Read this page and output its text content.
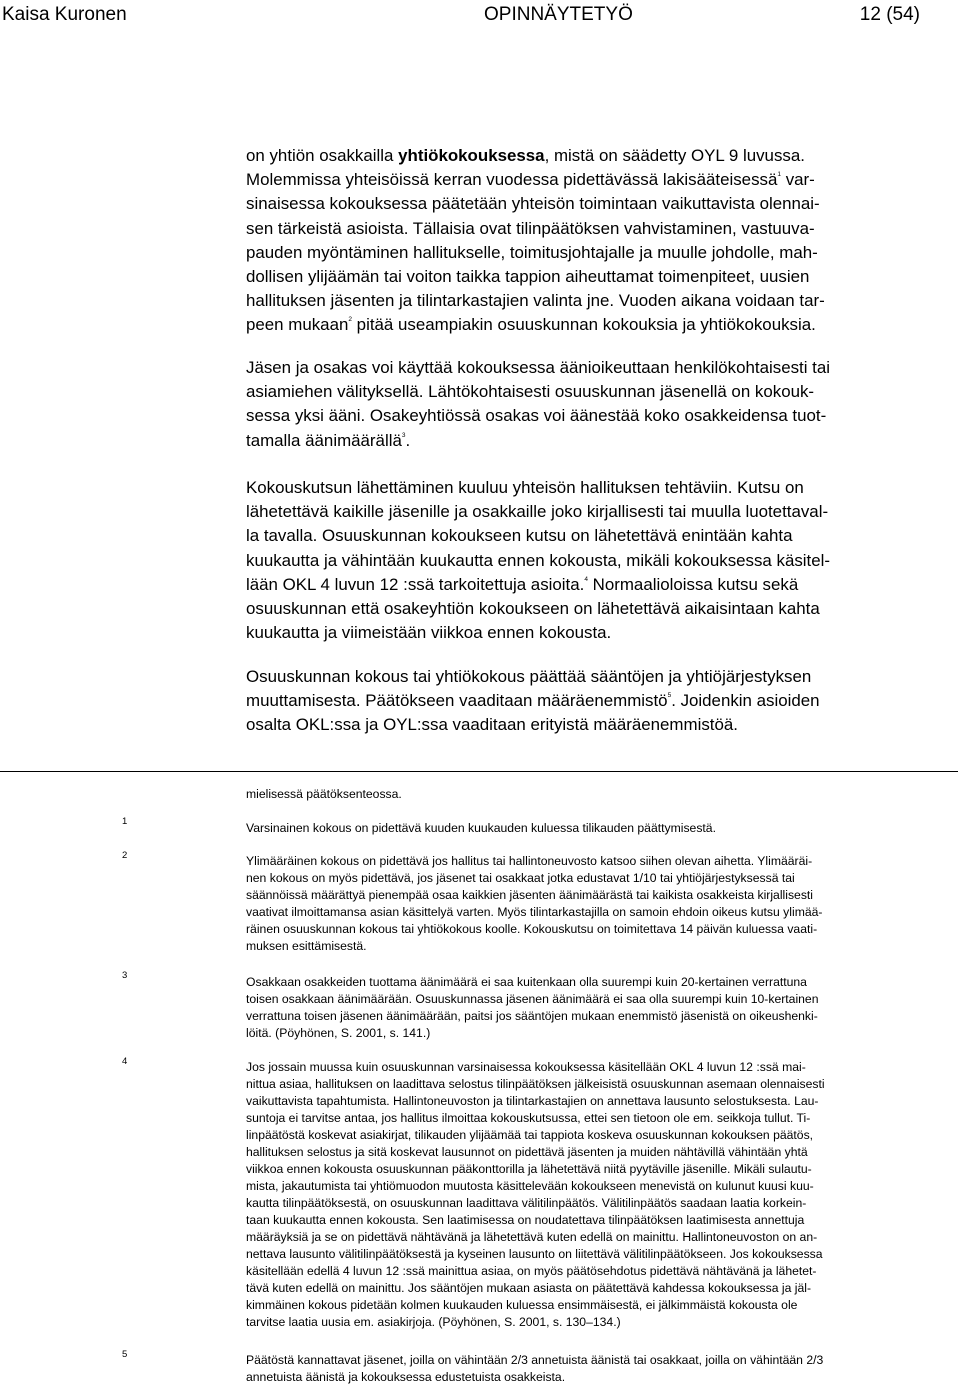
Kaisa Kuronen	OPINNÄYTETYÖ	12 (54)
on yhtiön osakkailla yhtiökokouksessa, mistä on säädetty OYL 9 luvussa.
Molemmissa yhteisöissä kerran vuodessa pidettävässä lakisääteisessä$^1$ var-
sinaisessa kokouksessa päätetään yhteisön toimintaan vaikuttavista olennai-
sen tärkeistä asioista. Tällaisia ovat tilinpäätöksen vahvistaminen, vastuuva-
pauden myöntäminen hallitukselle, toimitusjohtajalle ja muulle johdolle, mah-
dollisen ylijäämän tai voiton taikka tappion aiheuttamat toimenpiteet, uusien
hallituksen jäsenten ja tilintarkastajien valinta jne. Vuoden aikana voidaan tar-
peen mukaan$^2$ pitää useampiakin osuuskunnan kokouksia ja yhtiökokouksia.
Jäsen ja osakas voi käyttää kokouksessa äänioikeuttaan henkilökohtaisesti tai
asiamiehen välityksellä. Lähtökohtaisesti osuuskunnan jäsenellä on kokouk-
sessa yksi ääni. Osakeyhtiössä osakas voi äänestää koko osakkeidensa tuot-
tamalla äänimäärällä$^3$.
Kokouskutsun lähettäminen kuuluu yhteisön hallituksen tehtäviin. Kutsu on
lähetettävä kaikille jäsenille ja osakkaille joko kirjallisesti tai muulla luotettaval-
la tavalla. Osuuskunnan kokoukseen kutsu on lähetettävä enintään kahta
kuukautta ja vähintään kuukautta ennen kokousta, mikäli kokouksessa käsitel-
lään OKL 4 luvun 12 :ssä tarkoitettuja asioita.$^4$ Normaalioloissa kutsu sekä
osuuskunnan että osakeyhtiön kokoukseen on lähetettävä aikaisintaan kahta
kuukautta ja viimeistään viikkoa ennen kokousta.
Osuuskunnan kokous tai yhtiökokous päättää sääntöjen ja yhtiöjärjestyksen
muuttamisesta. Päätökseen vaaditaan määräenemmistö$^5$. Joidenkin asioiden
osalta OKL:ssa ja OYL:ssa vaaditaan erityistä määräenemmistöä.
mielisessä päätöksenteossa.
1	Varsinainen kokous on pidettävä kuuden kuukauden kuluessa tilikauden päättymisestä.
2	Ylimääräinen kokous on pidettävä jos hallitus tai hallintoneuvosto katsoo siihen olevan aihetta. Ylimääräi-
nen kokous on myös pidettävä, jos jäsenet tai osakkaat jotka edustavat 1/10 tai yhtiöjärjestyksessä tai
säännöissä määrättyä pienempää osaa kaikkien jäsenten äänimäärästä tai kaikista osakkeista kirjallisesti
vaativat ilmoittamansa asian käsittelyä varten. Myös tilintarkastajilla on samoin ehdoin oikeus kutsu ylimää-
räinen osuuskunnan kokous tai yhtiökokous koolle. Kokouskutsu on toimitettava 14 päivän kuluessa vaati-
muksen esittämisestä.
3	Osakkaan osakkeiden tuottama äänimäärä ei saa kuitenkaan olla suurempi kuin 20-kertainen verrattuna
toisen osakkaan äänimäärään. Osuuskunnassa jäsenen äänimäärä ei saa olla suurempi kuin 10-kertainen
verrattuna toisen jäsenen äänimäärään, paitsi jos sääntöjen mukaan enemmistö jäsenistä on oikeushenki-
löitä. (Pöyhönen, S. 2001, s. 141.)
4	Jos jossain muussa kuin osuuskunnan varsinaisessa kokouksessa käsitellään OKL 4 luvun 12 :ssä mai-
nittua asiaa, hallituksen on laadittava selostus tilinpäätöksen jälkeisistä osuuskunnan asemaan olennaisesti
vaikuttavista tapahtumista. Hallintoneuvoston ja tilintarkastajien on annettava lausunto selostuksesta. Lau-
suntoja ei tarvitse antaa, jos hallitus ilmoittaa kokouskutsussa, ettei sen tietoon ole em. seikkoja tullut. Ti-
linpäätöstä koskevat asiakirjat, tilikauden ylijäämää tai tappiota koskeva osuuskunnan kokouksen päätös,
hallituksen selostus ja sitä koskevat lausunnot on pidettävä jäsenten ja muiden nähtävillä vähintään yhtä
viikkoa ennen kokousta osuuskunnan pääkonttorilla ja lähetettävä niitä pyytäville jäsenille. Mikäli sulautu-
mista, jakautumista tai yhtiömuodon muutosta käsittelevään kokoukseen menevistä on kulunut kuusi kuu-
kautta tilinpäätöksestä, on osuuskunnan laadittava välitilinpäätös. Välitilinpäätös saadaan laatia korkein-
taan kuukautta ennen kokousta. Sen laatimisessa on noudatettava tilinpäätöksen laatimisesta annettuja
määräyksiä ja se on pidettävä nähtävänä ja lähetettävä kuten edellä on mainittu. Hallintoneuvoston on an-
nettava lausunto välitilinpäätöksestä ja kyseinen lausunto on liitettävä välitilinpäätökseen. Jos kokouksessa
käsitellään edellä 4 luvun 12 :ssä mainittua asiaa, on myös päätösehdotus pidettävä nähtävänä ja lähetet-
tävä kuten edellä on mainittu. Jos sääntöjen mukaan asiasta on päätettävä kahdessa kokouksessa ja jäl-
kimmäinen kokous pidetään kolmen kuukauden kuluessa ensimmäisestä, ei jälkimmäistä kokousta ole
tarvitse laatia uusia em. asiakirjoja. (Pöyhönen, S. 2001, s. 130‒134.)
5	Päätöstä kannattavat jäsenet, joilla on vähintään 2/3 annetuista äänistä tai osakkaat, joilla on vähintään 2/3
annetuista äänistä ja kokouksessa edustetuista osakkeista.
